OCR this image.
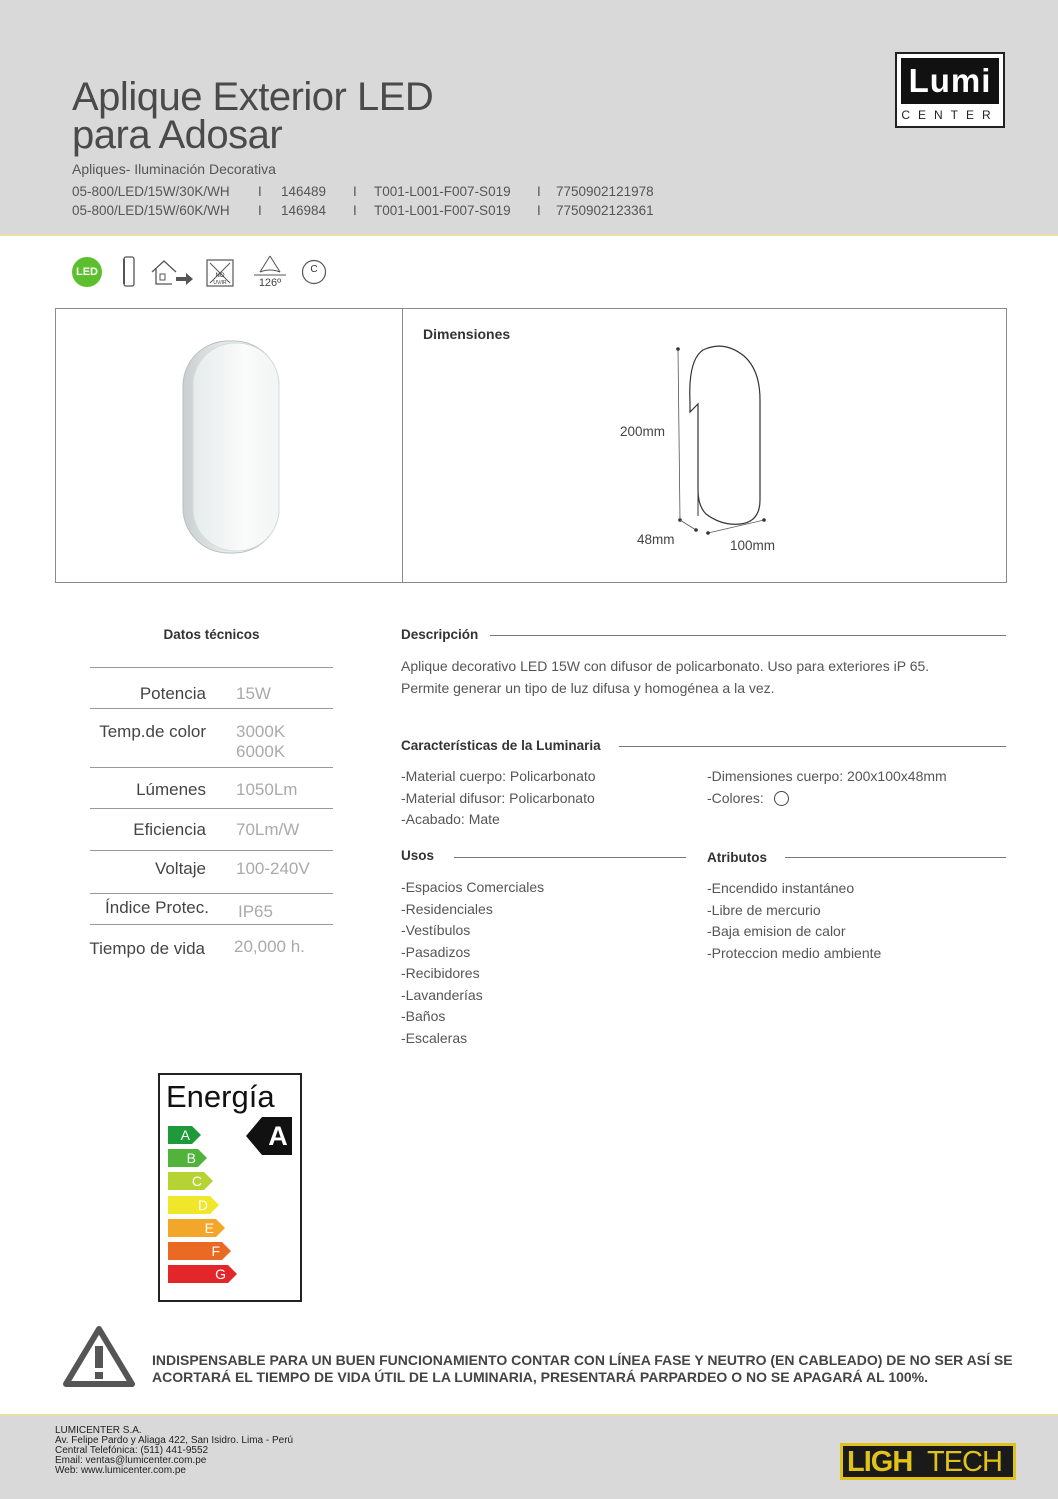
Aplique Exterior LED
para Adosar
Apliques- Iluminación Decorativa
05-800/LED/15W/30K/WH I 146489 I T001-L001-F007-S019 I 7750902121978
05-800/LED/15W/60K/WH I 146984 I T001-L001-F007-S019 I 7750902123361
Lumi
CENTER
LED	NO
UV/IR	126º
C
Dimensiones
200mm
48mm	100mm
Datos técnicos
Potencia 15W
Temp.de color 3000K
6000K
Lúmenes 1050Lm
Eficiencia 70Lm/W
Voltaje 100-240V
Índice Protec. IP65
Tiempo de vida 20,000 h.
Descripción
Aplique decorativo LED 15W con difusor de policarbonato. Uso para exteriores iP 65.
Permite generar un tipo de luz difusa y homogénea a la vez.
Características de la Luminaria
-Material cuerpo: Policarbonato
-Material difusor: Policarbonato
-Acabado: Mate
-Dimensiones cuerpo: 200x100x48mm
-Colores:
Usos
-Espacios Comerciales
-Residenciales
-Vestíbulos
-Pasadizos
-Recibidores
-Lavanderías
-Baños
-Escaleras
Atributos
-Encendido instantáneo
-Libre de mercurio
-Baja emision de calor
-Proteccion medio ambiente
Energía
A
B
C
D
E
F
G
A
INDISPENSABLE PARA UN BUEN FUNCIONAMIENTO CONTAR CON LÍNEA FASE Y NEUTRO (EN CABLEADO) DE NO SER ASÍ SE
ACORTARÁ EL TIEMPO DE VIDA ÚTIL DE LA LUMINARIA, PRESENTARÁ PARPARDEO O NO SE APAGARÁ AL 100%.
LUMICENTER S.A.
Av. Felipe Pardo y Aliaga 422, San Isidro. Lima - Perú
Central Telefónica: (511) 441-9552
Email: ventas@lumicenter.com.pe
Web: www.lumicenter.com.pe	LIGH TECH
